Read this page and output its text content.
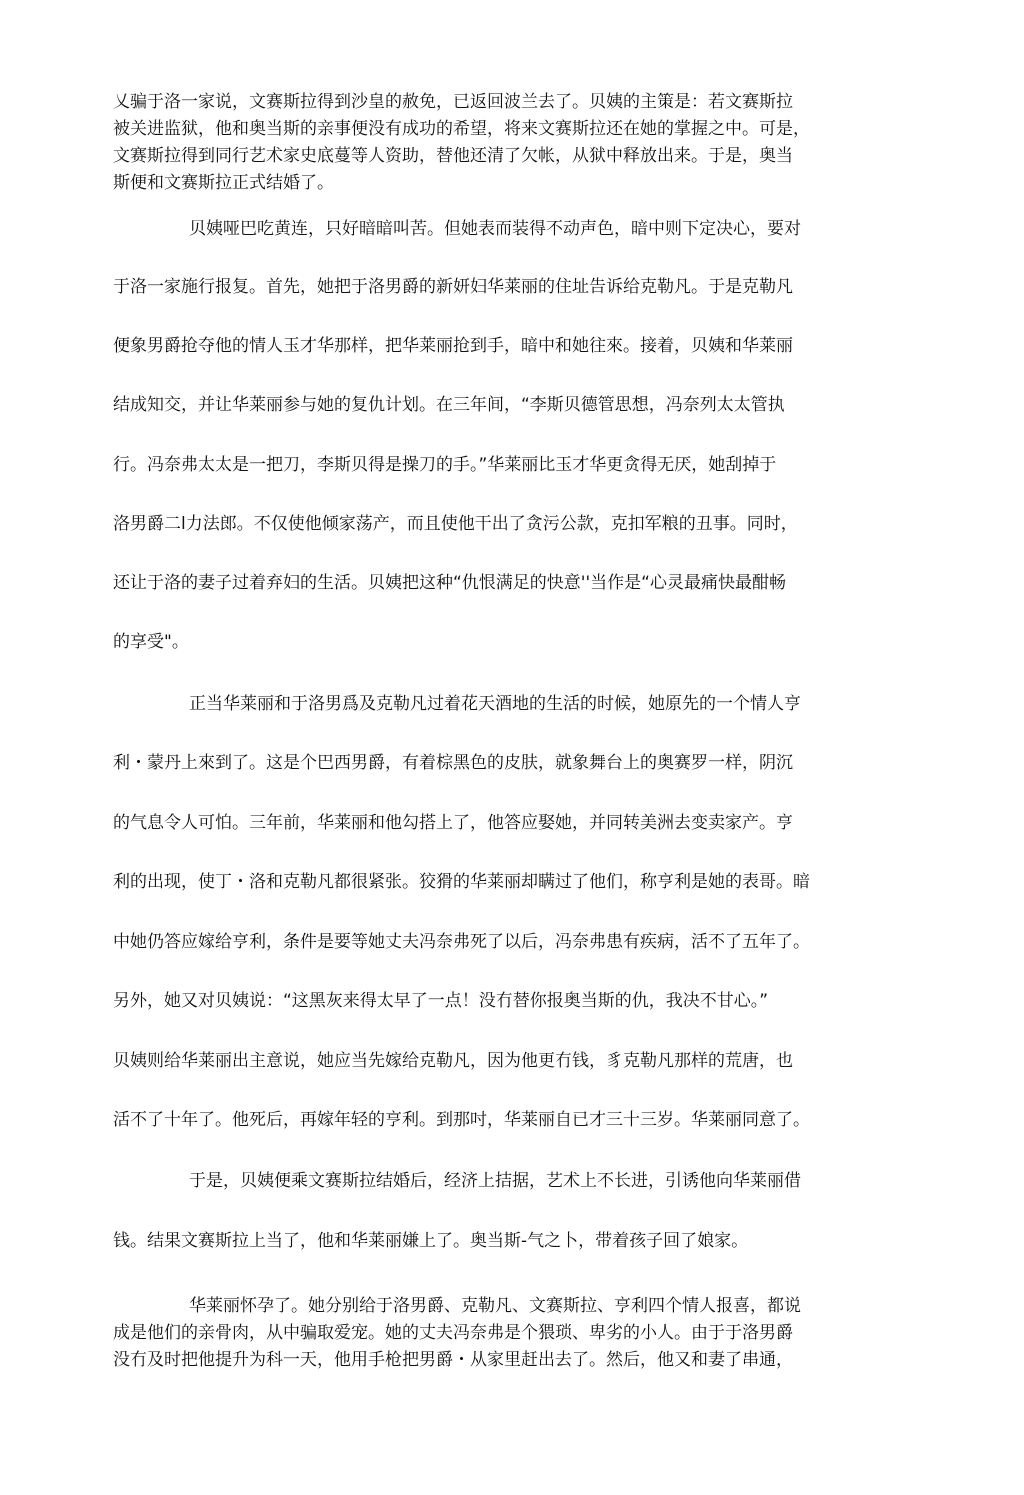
乂骗于洛一家说，文赛斯拉得到沙皇的赦免，已返回波兰去了。贝姨的主策是：若文赛斯拉
被关进监狱，他和奥当斯的亲事便没有成功的希望，将来文赛斯拉还在她的掌握之中。可是，
文赛斯拉得到同行艺术家史底蔓等人资助，替他还清了欠帐，从狱中释放出来。于是，奥当
斯便和文赛斯拉正式结婚了。
贝姨哑巴吃黄连，只好暗暗叫苦。但她表而装得不动声色，暗中则下定决心，要对
于洛一家施行报复。首先，她把于洛男爵的新妍妇华莱丽的住址告诉给克勒凡。于是克勒凡
便象男爵抢夺他的情人玉才华那样，把华莱丽抢到手，暗中和她往來。接着，贝姨和华莱丽
结成知交，并让华莱丽参与她的复仇计划。在三年间，“李斯贝德管思想，冯奈列太太管执
行。冯奈弗太太是一把刀，李斯贝得是操刀的手。”华莱丽比玉才华更贪得无厌，她刮掉于
洛男爵二l力法郎。不仅使他倾家荡产，而且使他干出了贪污公款，克扣军粮的丑事。同时，
还让于洛的妻子过着弃妇的生活。贝姨把这种“仇恨满足的快意''当作是“心灵最痛快最酣畅
的享受"。
正当华莱丽和于洛男爲及克勒凡过着花天酒地的生活的时候，她原先的一个情人亨
利・蒙丹上來到了。这是个巴西男爵，有着棕黑色的皮肤，就象舞台上的奥赛罗一样，阴沉
的气息令人可怕。三年前，华莱丽和他勾搭上了，他答应娶她，并同转美洲去变卖家产。亨
利的出现，使丁・洛和克勒凡都很紧张。狡猾的华莱丽却瞒过了他们，称亨利是她的表哥。暗
中她仍答应嫁给亨利，条件是要等她丈夫冯奈弗死了以后，冯奈弗患有疾病，活不了五年了。
另外，她又对贝姨说：“这黑灰来得太早了一点！没冇替你报奥当斯的仇，我决不甘心。”
贝姨则给华莱丽出主意说，她应当先嫁给克勒凡，因为他更冇钱，豸克勒凡那样的荒唐，也
活不了十年了。他死后，再嫁年轻的亨利。到那吋，华莱丽自已才三十三岁。华莱丽同意了。
于是，贝姨便乘文赛斯拉结婚后，经济上拮据，艺术上不长进，引诱他向华莱丽借
钱。结果文赛斯拉上当了，他和华莱丽嫌上了。奥当斯-气之卜，带着孩子回了娘家。
华莱丽怀孕了。她分别给于洛男爵、克勒凡、文赛斯拉、亨利四个情人报喜，都说
成是他们的亲骨肉，从中骗取爱宠。她的丈夫冯奈弗是个猥琐、卑劣的小人。由于于洛男爵
没冇及时把他提升为科一天，他用手枪把男爵・从家里赶出去了。然后，他又和妻了串通，
